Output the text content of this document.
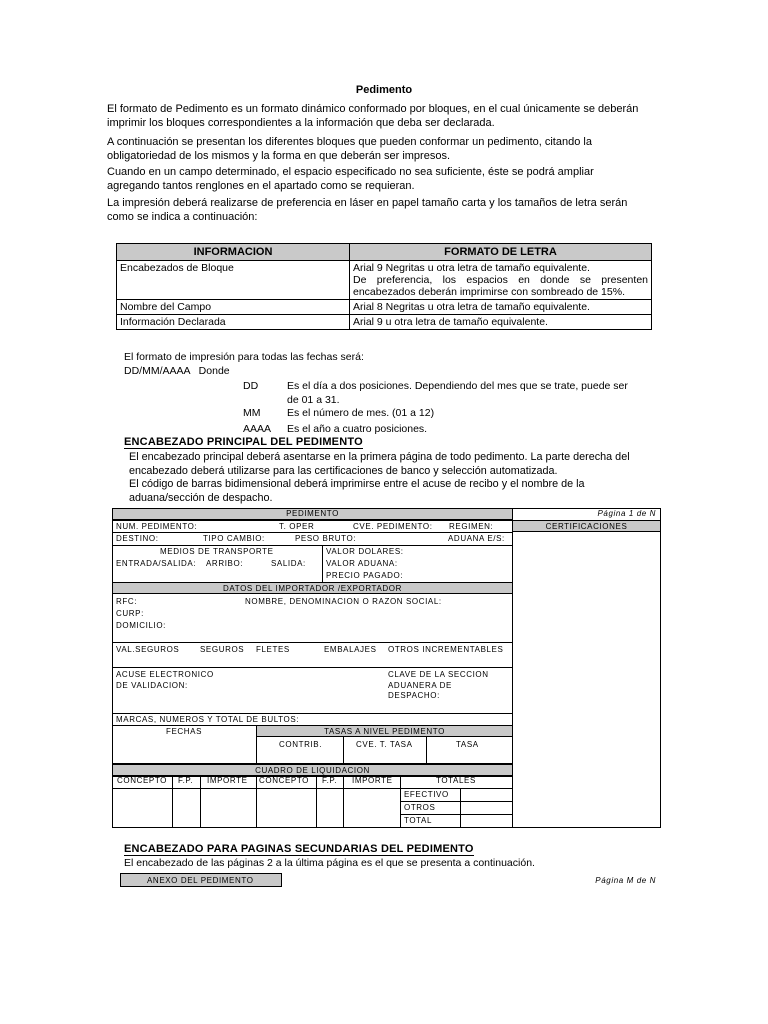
Pedimento
El formato de Pedimento es un formato dinámico conformado por bloques, en el cual únicamente se deberán
imprimir los bloques correspondientes a la información que deba ser declarada.
A continuación se presentan los diferentes bloques que pueden conformar un pedimento, citando la
obligatoriedad de los mismos y la forma en que deberán ser impresos.
Cuando en un campo determinado, el espacio especificado no sea suficiente, éste se podrá ampliar
agregando tantos renglones en el apartado como se requieran.
La impresión deberá realizarse de preferencia en láser en papel tamaño carta y los tamaños de letra serán
como se indica a continuación:
INFORMACION	FORMATO DE LETRA
Encabezados de Bloque	Arial 9 Negritas u otra letra de tamaño equivalente.
De preferencia, los espacios en donde se presenten
encabezados deberán imprimirse con sombreado de 15%.

Nombre del Campo	Arial 8 Negritas u otra letra de tamaño equivalente.
Información Declarada	Arial 9 u otra letra de tamaño equivalente.
El formato de impresión para todas las fechas será:
DD/MM/AAAA   Donde
DD	Es el día a dos posiciones. Dependiendo del mes que se trate, puede ser
de 01 a 31.
MM	Es el número de mes. (01 a 12)
AAAA Es el año a cuatro posiciones.
ENCABEZADO PRINCIPAL DEL PEDIMENTO
El encabezado principal deberá asentarse en la primera página de todo pedimento. La parte derecha del
encabezado deberá utilizarse para las certificaciones de banco y selección automatizada.
El código de barras bidimensional deberá imprimirse entre el acuse de recibo y el nombre de la
aduana/sección de despacho.
PEDIMENTO	Página 1 de N
NUM. PEDIMENTO:	T. OPER	CVE. PEDIMENTO: REGIMEN:	CERTIFICACIONES
DESTINO:	TIPO CAMBIO:	PESO BRUTO:	ADUANA E/S:
MEDIOS DE TRANSPORTE
ENTRADA/SALIDA: ARRIBO:	SALIDA:
VALOR DOLARES:
VALOR ADUANA:
PRECIO PAGADO:
DATOS DEL IMPORTADOR /EXPORTADOR
RFC:	NOMBRE, DENOMINACION O RAZON SOCIAL:
CURP:
DOMICILIO:
VAL.SEGUROS	SEGUROS FLETES	EMBALAJES OTROS INCREMENTABLES
ACUSE ELECTRONICO
DE VALIDACION:
CLAVE DE LA SECCION
ADUANERA DE
DESPACHO:
MARCAS, NUMEROS Y TOTAL DE BULTOS:
FECHAS	TASAS A NIVEL PEDIMENTO
CONTRIB.	CVE. T. TASA	TASA
CUADRO DE LIQUIDACION
CONCEPTO F.P. IMPORTE CONCEPTO F.P. IMPORTE	TOTALES
EFECTIVO
OTROS
TOTAL
ENCABEZADO PARA PAGINAS SECUNDARIAS DEL PEDIMENTO
El encabezado de las páginas 2 a la última página es el que se presenta a continuación.
ANEXO DEL PEDIMENTO	Página M de N
